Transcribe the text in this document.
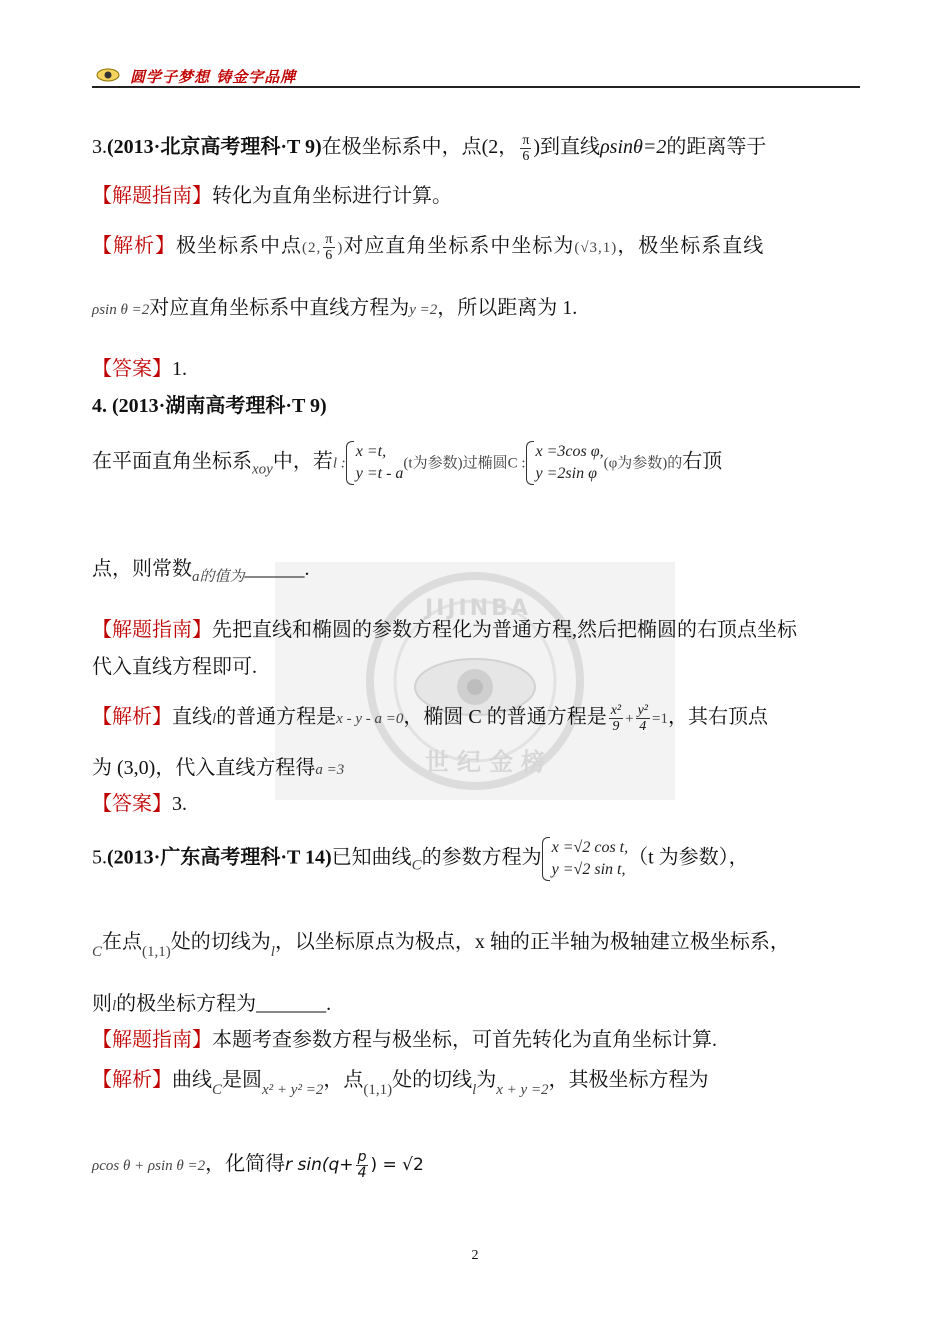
圆学子梦想 铸金字品牌
JIJINBA
世纪金榜
3.(2013·北京高考理科·T 9)在极坐标系中，点(2， $\frac{\pi}{6}$ )到直线ρsinθ=2的距离等于
【解题指南】转化为直角坐标进行计算。
【解析】极坐标系中点(2, $\frac{\pi}{6}$ )对应直角坐标系中坐标为(√3,1)，极坐标系直线
ρsin θ =2对应直角坐标系中直线方程为y =2，所以距离为 1.
【答案】1.
4. (2013·湖南高考理科·T 9)
在平面直角坐标系$_{xoy}$中，若l :
x =t,
y =t - a
(t为参数)过椭圆C :
x =3cos φ,
y =2sin φ
(φ为参数)的右顶
点，则常数$_{a的值为}$______.
【解题指南】先把直线和椭圆的参数方程化为普通方程,然后把椭圆的右顶点坐标
代入直线方程即可.
【解析】直线l的普通方程是x - y - a =0，椭圆 C 的普通方程是 $\frac{\text{x²}}{9} + \frac{\text{y²}}{4} =1$，其右顶点
为 (3,0)，代入直线方程得a =3
【答案】3.
5.(2013·广东高考理科·T 14)已知曲线$_C$的参数方程为 x =√2 cos t,
y =√2 sin t,
（t 为参数），
$_C$在点$_{(1,1)}$处的切线为$_l$，以坐标原点为极点，x 轴的正半轴为极轴建立极坐标系，
则l的极坐标方程为_______.
【解题指南】本题考查参数方程与极坐标，可首先转化为直角坐标计算.
【解析】曲线$_C$是圆$_{x^2 + y^2 =2}$，点$_{(1,1)}$处的切线$_l$为$_{x + y =2}$，其极坐标方程为
ρcos θ + ρsin θ =2，化简得r $\sin(q+ \frac{p}{4}$ ) = √2
2
